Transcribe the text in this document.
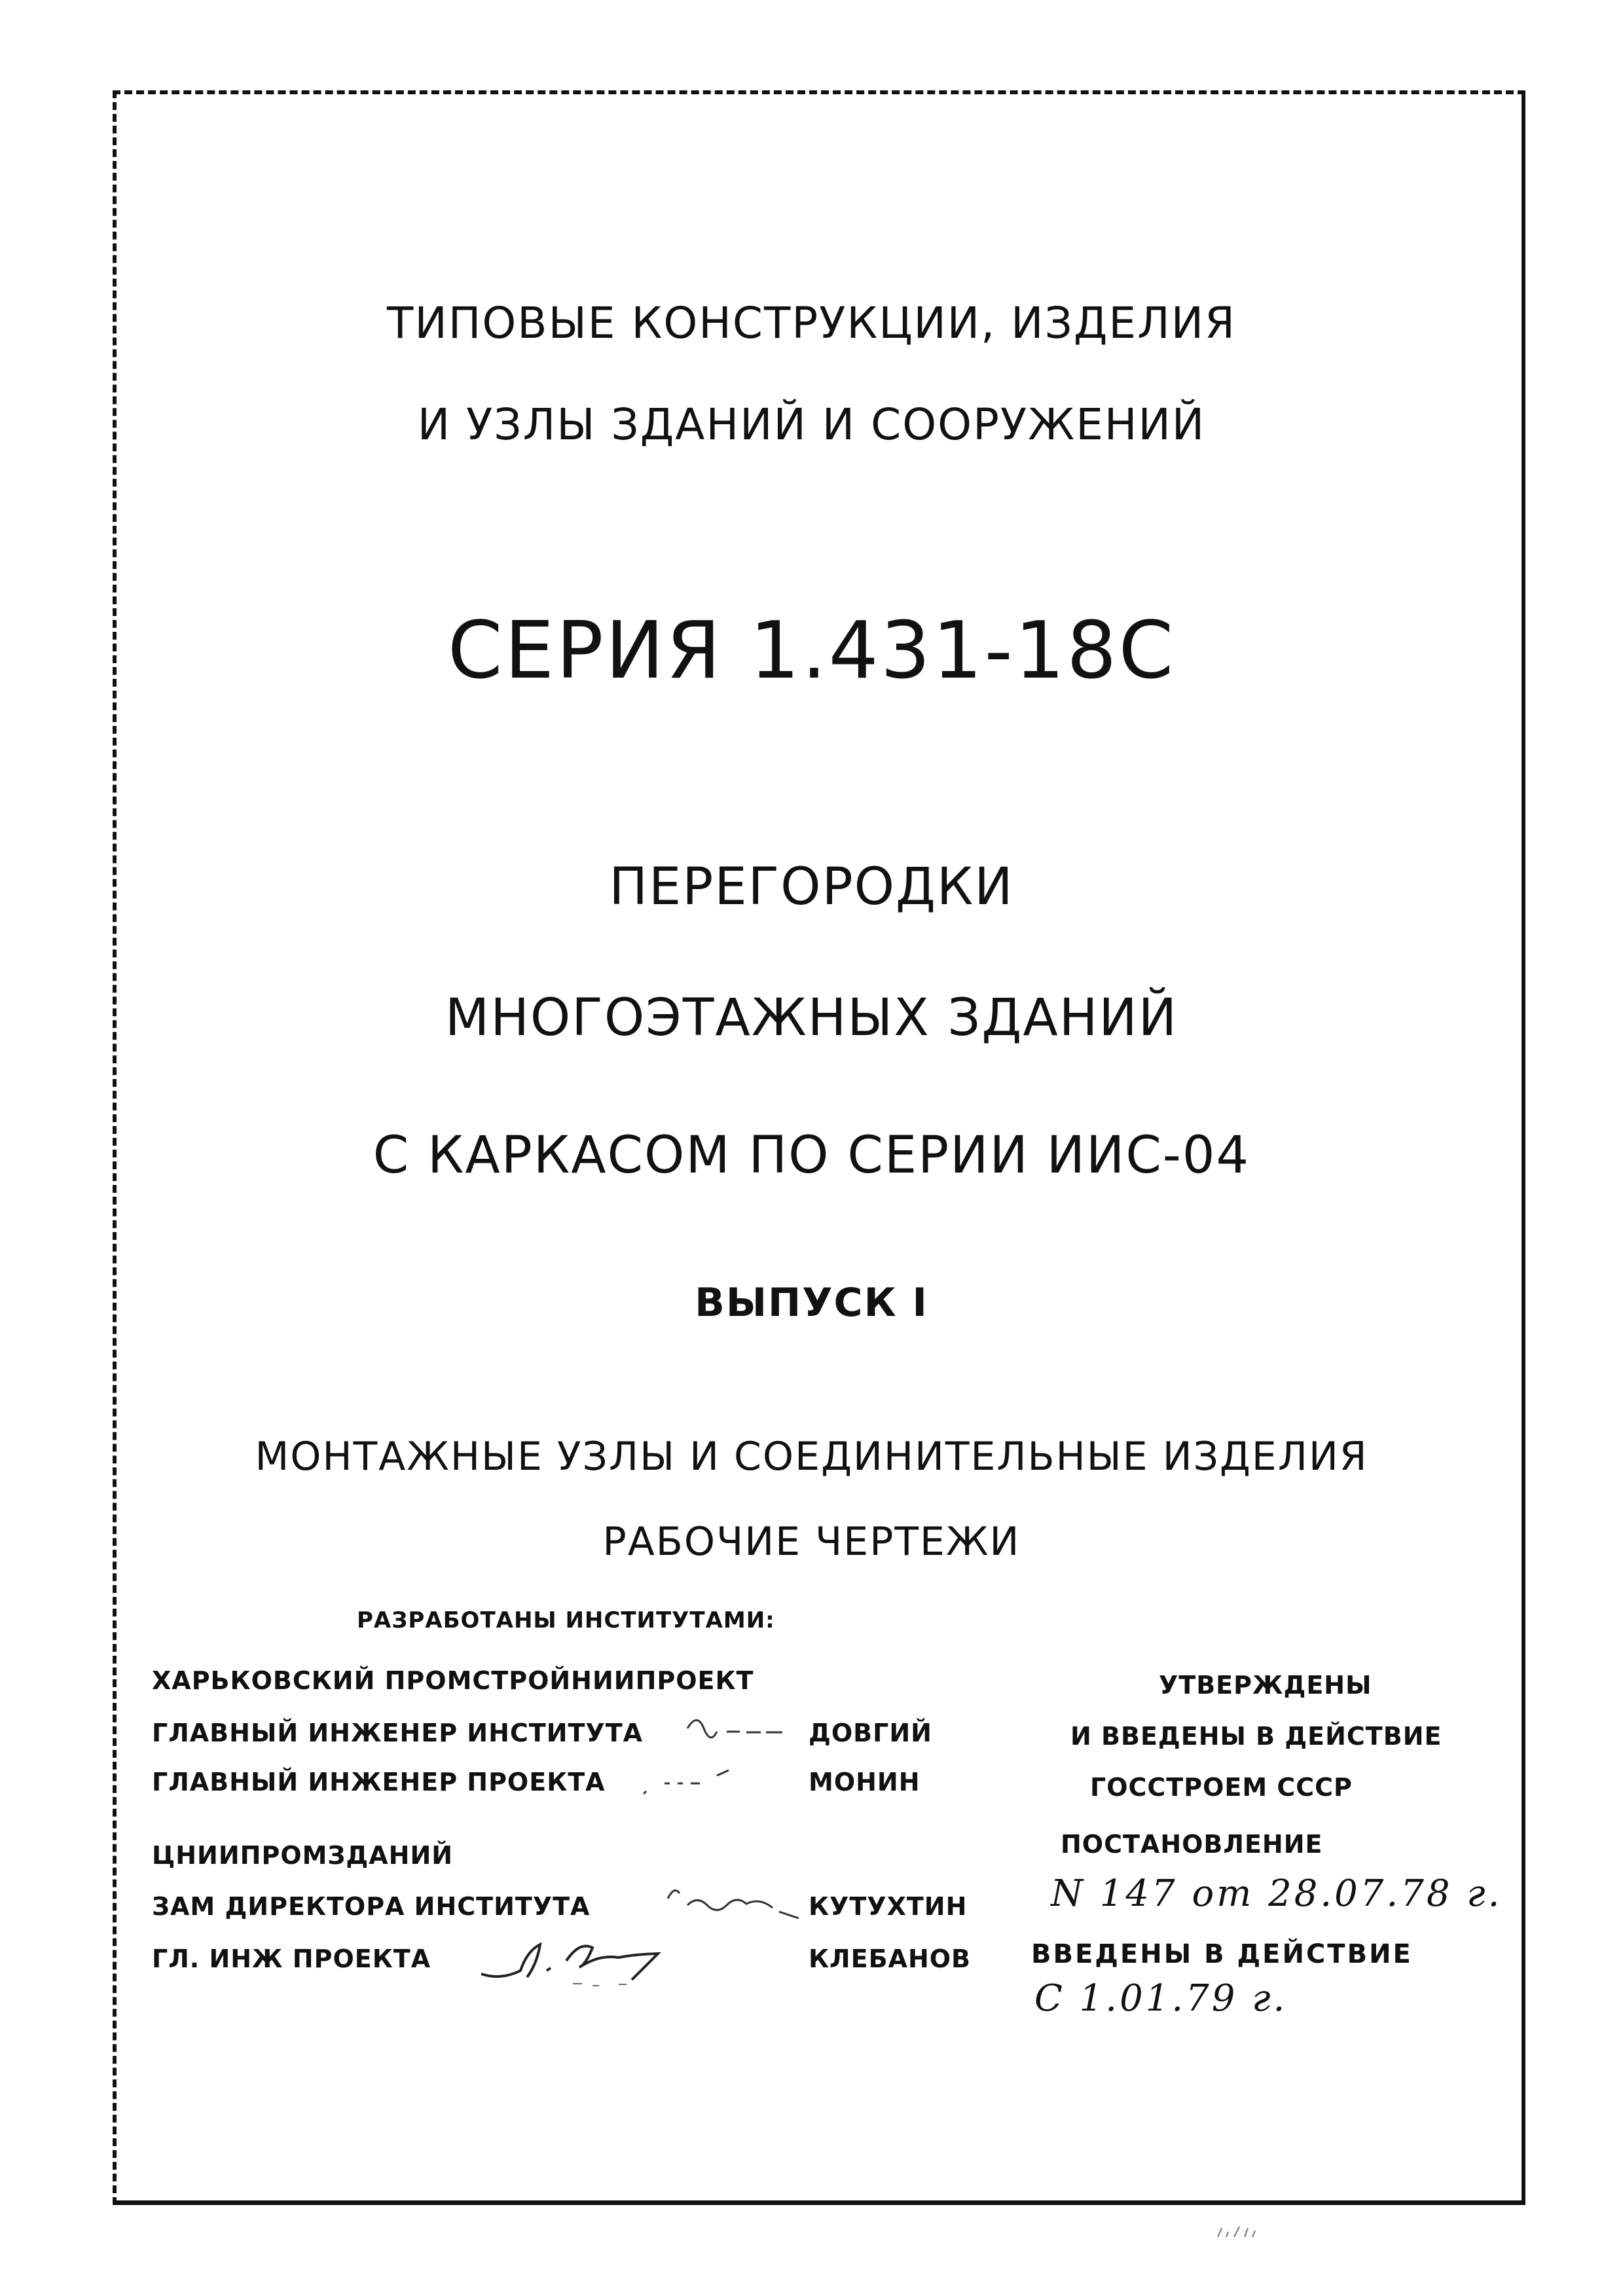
ТИПОВЫЕ КОНСТРУКЦИИ, ИЗДЕЛИЯ
И УЗЛЫ ЗДАНИЙ И СООРУЖЕНИЙ
СЕРИЯ 1.431-18С
ПЕРЕГОРОДКИ
МНОГОЭТАЖНЫХ ЗДАНИЙ
С КАРКАСОМ ПО СЕРИИ ИИС-04
ВЫПУСК I
МОНТАЖНЫЕ УЗЛЫ И СОЕДИНИТЕЛЬНЫЕ ИЗДЕЛИЯ
РАБОЧИЕ ЧЕРТЕЖИ
РАЗРАБОТАНЫ ИНСТИТУТАМИ:
ХАРЬКОВСКИЙ ПРОМСТРОЙНИИПРОЕКТ
ГЛАВНЫЙ ИНЖЕНЕР ИНСТИТУТА	ДОВГИЙ
ГЛАВНЫЙ ИНЖЕНЕР ПРОЕКТА	МОНИН
ЦНИИПРОМЗДАНИЙ
ЗАМ ДИРЕКТОРА ИНСТИТУТА	КУТУХТИН
ГЛ. ИНЖ ПРОЕКТА	КЛЕБАНОВ
УТВЕРЖДЕНЫ
И ВВЕДЕНЫ В ДЕЙСТВИЕ
ГОССТРОЕМ СССР
ПОСТАНОВЛЕНИЕ
N 147 от 28.07.78 г.
ВВЕДЕНЫ В ДЕЙСТВИЕ
С 1.01.79 г.
